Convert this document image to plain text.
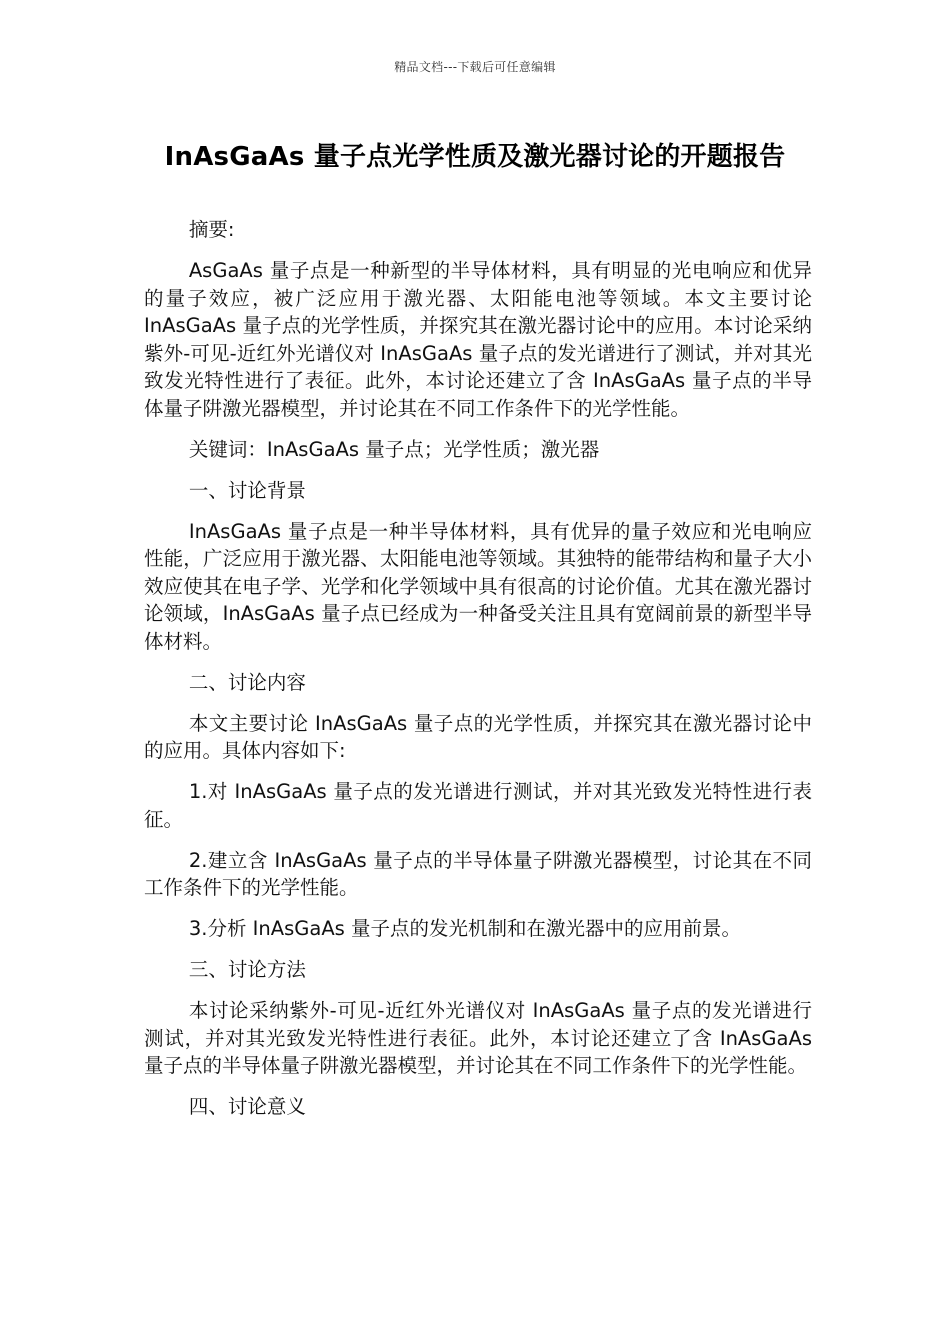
精品文档---下载后可任意编辑
InAsGaAs 量子点光学性质及激光器讨论的开题报告

摘要:

AsGaAs 量子点是一种新型的半导体材料，具有明显的光电响应和优异的量子效应，被广泛应用于激光器、太阳能电池等领域。本文主要讨论 InAsGaAs 量子点的光学性质，并探究其在激光器讨论中的应用。本讨论采纳紫外-可见-近红外光谱仪对 InAsGaAs 量子点的发光谱进行了测试，并对其光致发光特性进行了表征。此外，本讨论还建立了含 InAsGaAs 量子点的半导体量子阱激光器模型，并讨论其在不同工作条件下的光学性能。

关键词：InAsGaAs 量子点；光学性质；激光器

一、讨论背景

InAsGaAs 量子点是一种半导体材料，具有优异的量子效应和光电响应性能，广泛应用于激光器、太阳能电池等领域。其独特的能带结构和量子大小效应使其在电子学、光学和化学领域中具有很高的讨论价值。尤其在激光器讨论领域，InAsGaAs 量子点已经成为一种备受关注且具有宽阔前景的新型半导体材料。

二、讨论内容

本文主要讨论 InAsGaAs 量子点的光学性质，并探究其在激光器讨论中的应用。具体内容如下:

1.对 InAsGaAs 量子点的发光谱进行测试，并对其光致发光特性进行表征。

2.建立含 InAsGaAs 量子点的半导体量子阱激光器模型，讨论其在不同工作条件下的光学性能。

3.分析 InAsGaAs 量子点的发光机制和在激光器中的应用前景。

三、讨论方法

本讨论采纳紫外-可见-近红外光谱仪对 InAsGaAs 量子点的发光谱进行测试，并对其光致发光特性进行表征。此外，本讨论还建立了含 InAsGaAs 量子点的半导体量子阱激光器模型，并讨论其在不同工作条件下的光学性能。

四、讨论意义
